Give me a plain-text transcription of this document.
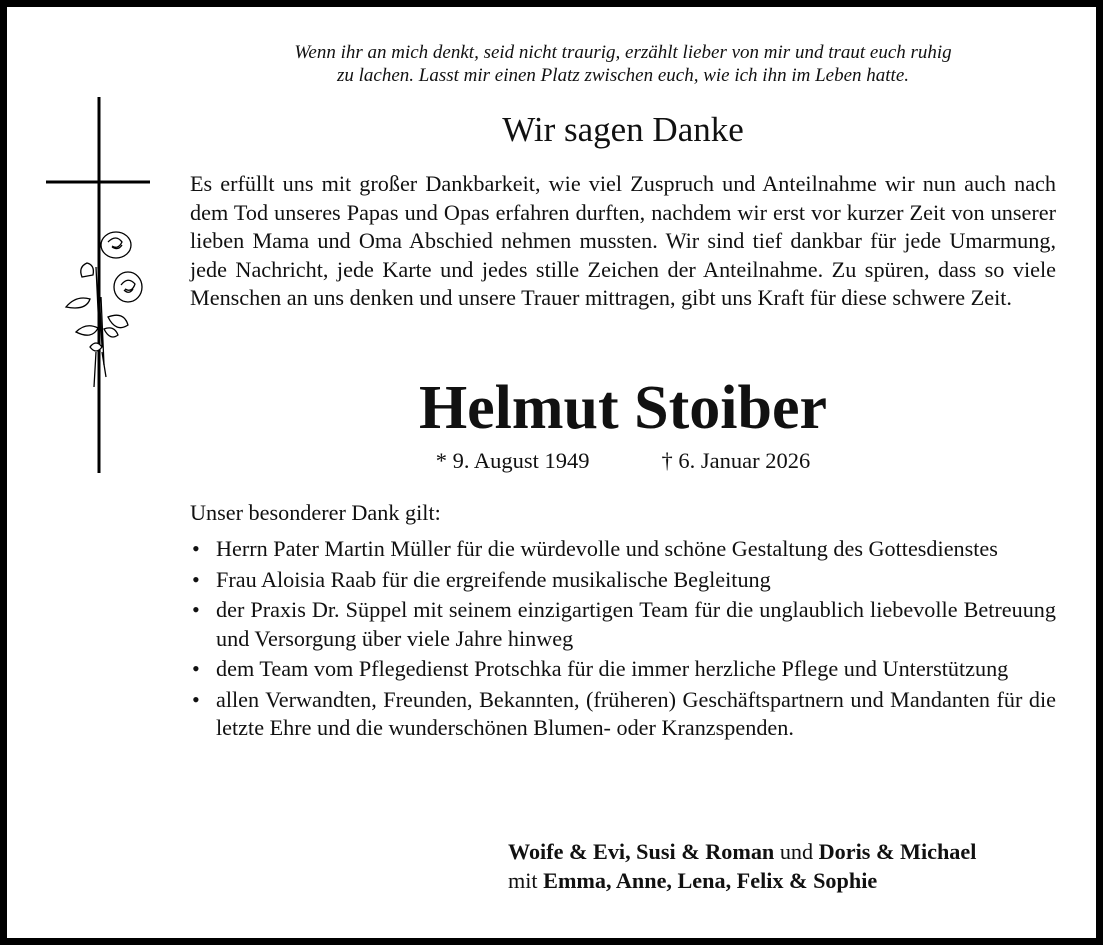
Wenn ihr an mich denkt, seid nicht traurig, erzählt lieber von mir und traut euch ruhig
zu lachen. Lasst mir einen Platz zwischen euch, wie ich ihn im Leben hatte.
Wir sagen Danke
Es erfüllt uns mit großer Dankbarkeit, wie viel Zuspruch und Anteilnahme wir nun auch nach dem Tod unseres Papas und Opas erfahren durften, nachdem wir erst vor kurzer Zeit von unserer lieben Mama und Oma Abschied nehmen mussten. Wir sind tief dankbar für jede Umarmung, jede Nachricht, jede Karte und jedes stille Zeichen der Anteilnahme. Zu spüren, dass so viele Menschen an uns denken und unsere Trauer mittragen, gibt uns Kraft für diese schwere Zeit.
Helmut Stoiber
* 9. August 1949	† 6. Januar 2026
Unser besonderer Dank gilt:
• Herrn Pater Martin Müller für die würdevolle und schöne Gestaltung des Gottesdienstes
• Frau Aloisia Raab für die ergreifende musikalische Begleitung
• der Praxis Dr. Süppel mit seinem einzigartigen Team für die unglaublich liebevolle Betreuung und Versorgung über viele Jahre hinweg
• dem Team vom Pflegedienst Protschka für die immer herzliche Pflege und Unterstützung
• allen Verwandten, Freunden, Bekannten, (früheren) Geschäftspartnern und Mandanten für die letzte Ehre und die wunderschönen Blumen- oder Kranzspenden.
Woife & Evi, Susi & Roman und Doris & Michael
mit Emma, Anne, Lena, Felix & Sophie
